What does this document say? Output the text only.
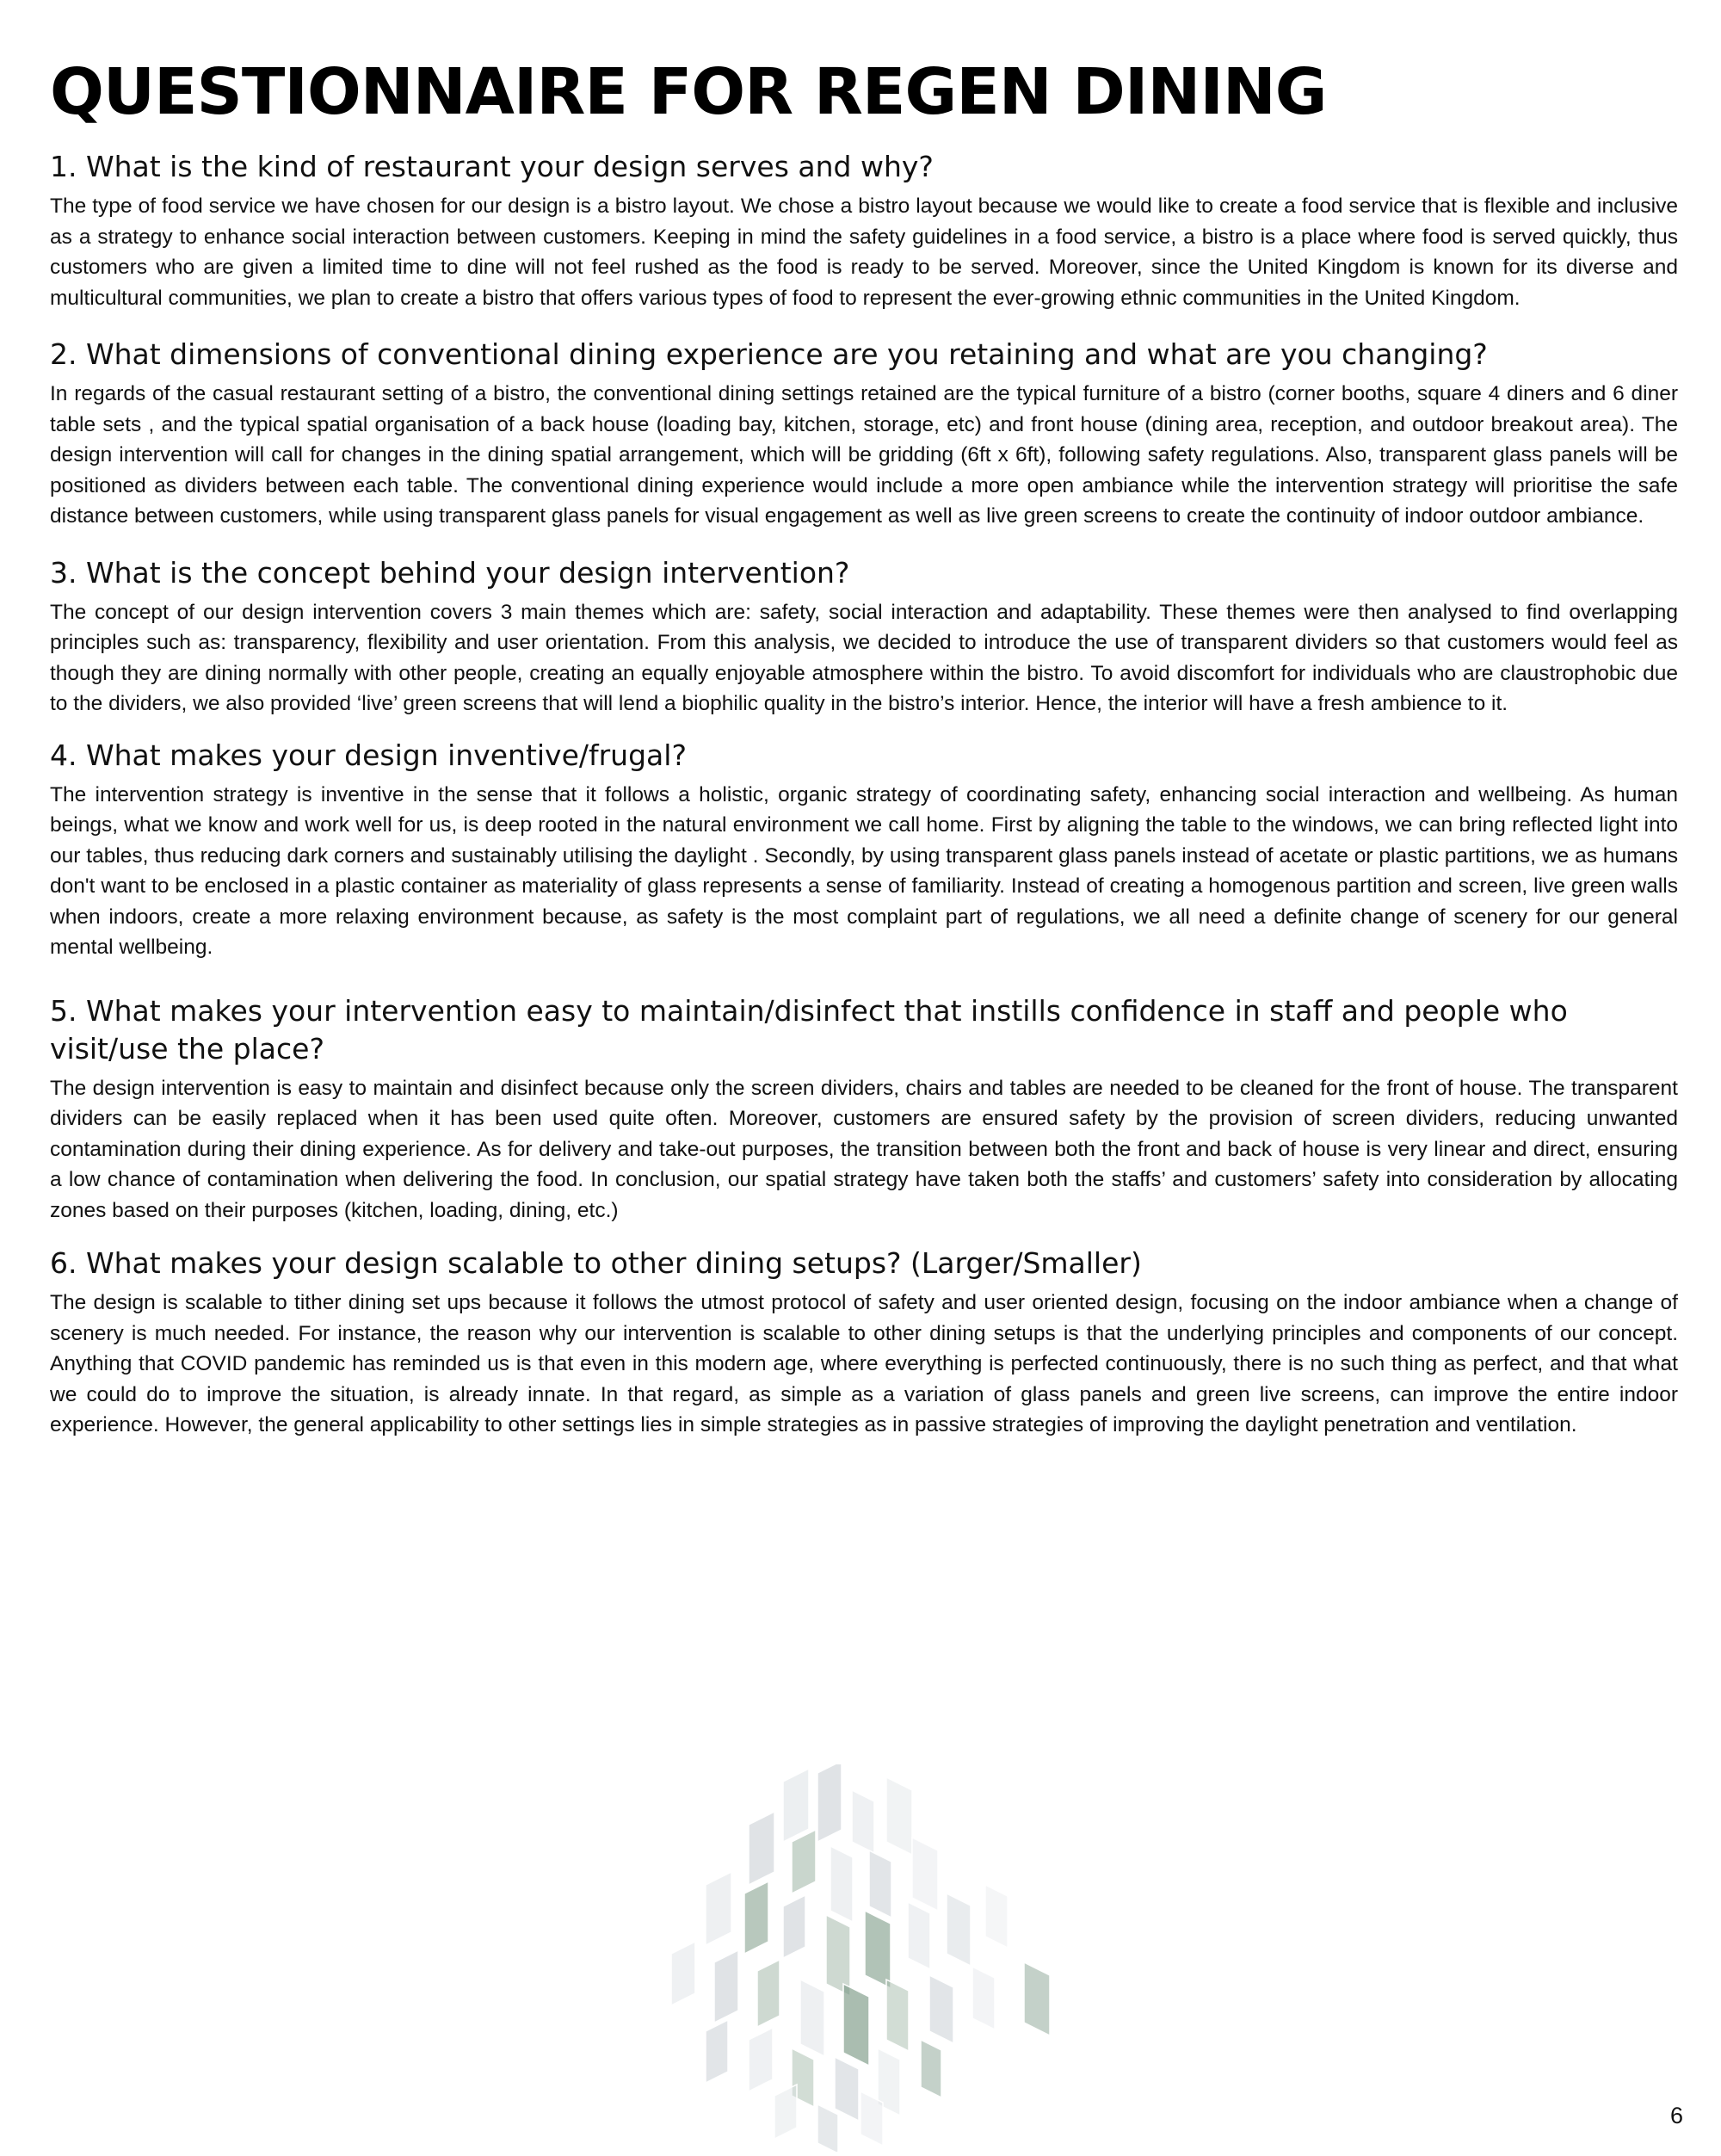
QUESTIONNAIRE FOR REGEN DINING
1. What is the kind of restaurant your design serves and why?

The type of food service we have chosen for our design is a bistro layout. We chose a bistro layout because we would like to create a food service that is flexible and inclusive as a strategy to enhance social interaction between customers. Keeping in mind the safety guidelines in a food service, a bistro is a place where food is served quickly, thus customers who are given a limited time to dine will not feel rushed as the food is ready to be served. Moreover, since the United Kingdom is known for its diverse and multicultural communities, we plan to create a bistro that offers various types of food to represent the ever-growing ethnic communities in the United Kingdom.

2. What dimensions of conventional dining experience are you retaining and what are you changing?

In regards of the casual restaurant setting of a bistro, the conventional dining settings retained are the typical furniture of a bistro (corner booths, square 4 diners and 6 diner table sets , and the typical spatial organisation of a back house (loading bay, kitchen, storage, etc) and front house (dining area, reception, and outdoor breakout area). The design intervention will call for changes in the dining spatial arrangement, which will be gridding (6ft x 6ft), following safety regulations. Also, transparent glass panels will be positioned as dividers between each table. The conventional dining experience would include a more open ambiance while the intervention strategy will prioritise the safe distance between customers, while using transparent glass panels for visual engagement as well as live green screens to create the continuity of indoor outdoor ambiance.

3. What is the concept behind your design intervention?

The concept of our design intervention covers 3 main themes which are: safety, social interaction and adaptability. These themes were then analysed to find overlapping principles such as: transparency, flexibility and user orientation. From this analysis, we decided to introduce the use of transparent dividers so that customers would feel as though they are dining normally with other people, creating an equally enjoyable atmosphere within the bistro. To avoid discomfort for individuals who are claustrophobic due to the dividers, we also provided ‘live’ green screens that will lend a biophilic quality in the bistro’s interior. Hence, the interior will have a fresh ambience to it.

4. What makes your design inventive/frugal?

The intervention strategy is inventive in the sense that it follows a holistic, organic strategy of coordinating safety, enhancing social interaction and wellbeing. As human beings, what we know and work well for us, is deep rooted in the natural environment we call home. First by aligning the table to the windows, we can bring reflected light into our tables, thus reducing dark corners and sustainably utilising the daylight . Secondly, by using transparent glass panels instead of acetate or plastic partitions, we as humans don't want to be enclosed in a plastic container as materiality of glass represents a sense of familiarity. Instead of creating a homogenous partition and screen, live green walls when indoors, create a more relaxing environment because, as safety is the most complaint part of regulations, we all need a definite change of scenery for our general mental wellbeing.

5. What makes your intervention easy to maintain/disinfect that instills confidence in staff and people who visit/use the place?

The design intervention is easy to maintain and disinfect because only the screen dividers, chairs and tables are needed to be cleaned for the front of house. The transparent dividers can be easily replaced when it has been used quite often. Moreover, customers are ensured safety by the provision of screen dividers, reducing unwanted contamination during their dining experience. As for delivery and take-out purposes, the transition between both the front and back of house is very linear and direct, ensuring a low chance of contamination when delivering the food. In conclusion, our spatial strategy have taken both the staffs’ and customers’ safety into consideration by allocating zones based on their purposes (kitchen, loading, dining, etc.)

6. What makes your design scalable to other dining setups? (Larger/Smaller)

The design is scalable to tither dining set ups because it follows the utmost protocol of safety and user oriented design, focusing on the indoor ambiance when a change of scenery is much needed. For instance, the reason why our intervention is scalable to other dining setups is that the underlying principles and components of our concept. Anything that COVID pandemic has reminded us is that even in this modern age, where everything is perfected continuously, there is no such thing as perfect, and that what we could do to improve the situation, is already innate. In that regard, as simple as a variation of glass panels and green live screens, can improve the entire indoor experience. However, the general applicability to other settings lies in simple strategies as in passive strategies of improving the daylight penetration and ventilation.

6
